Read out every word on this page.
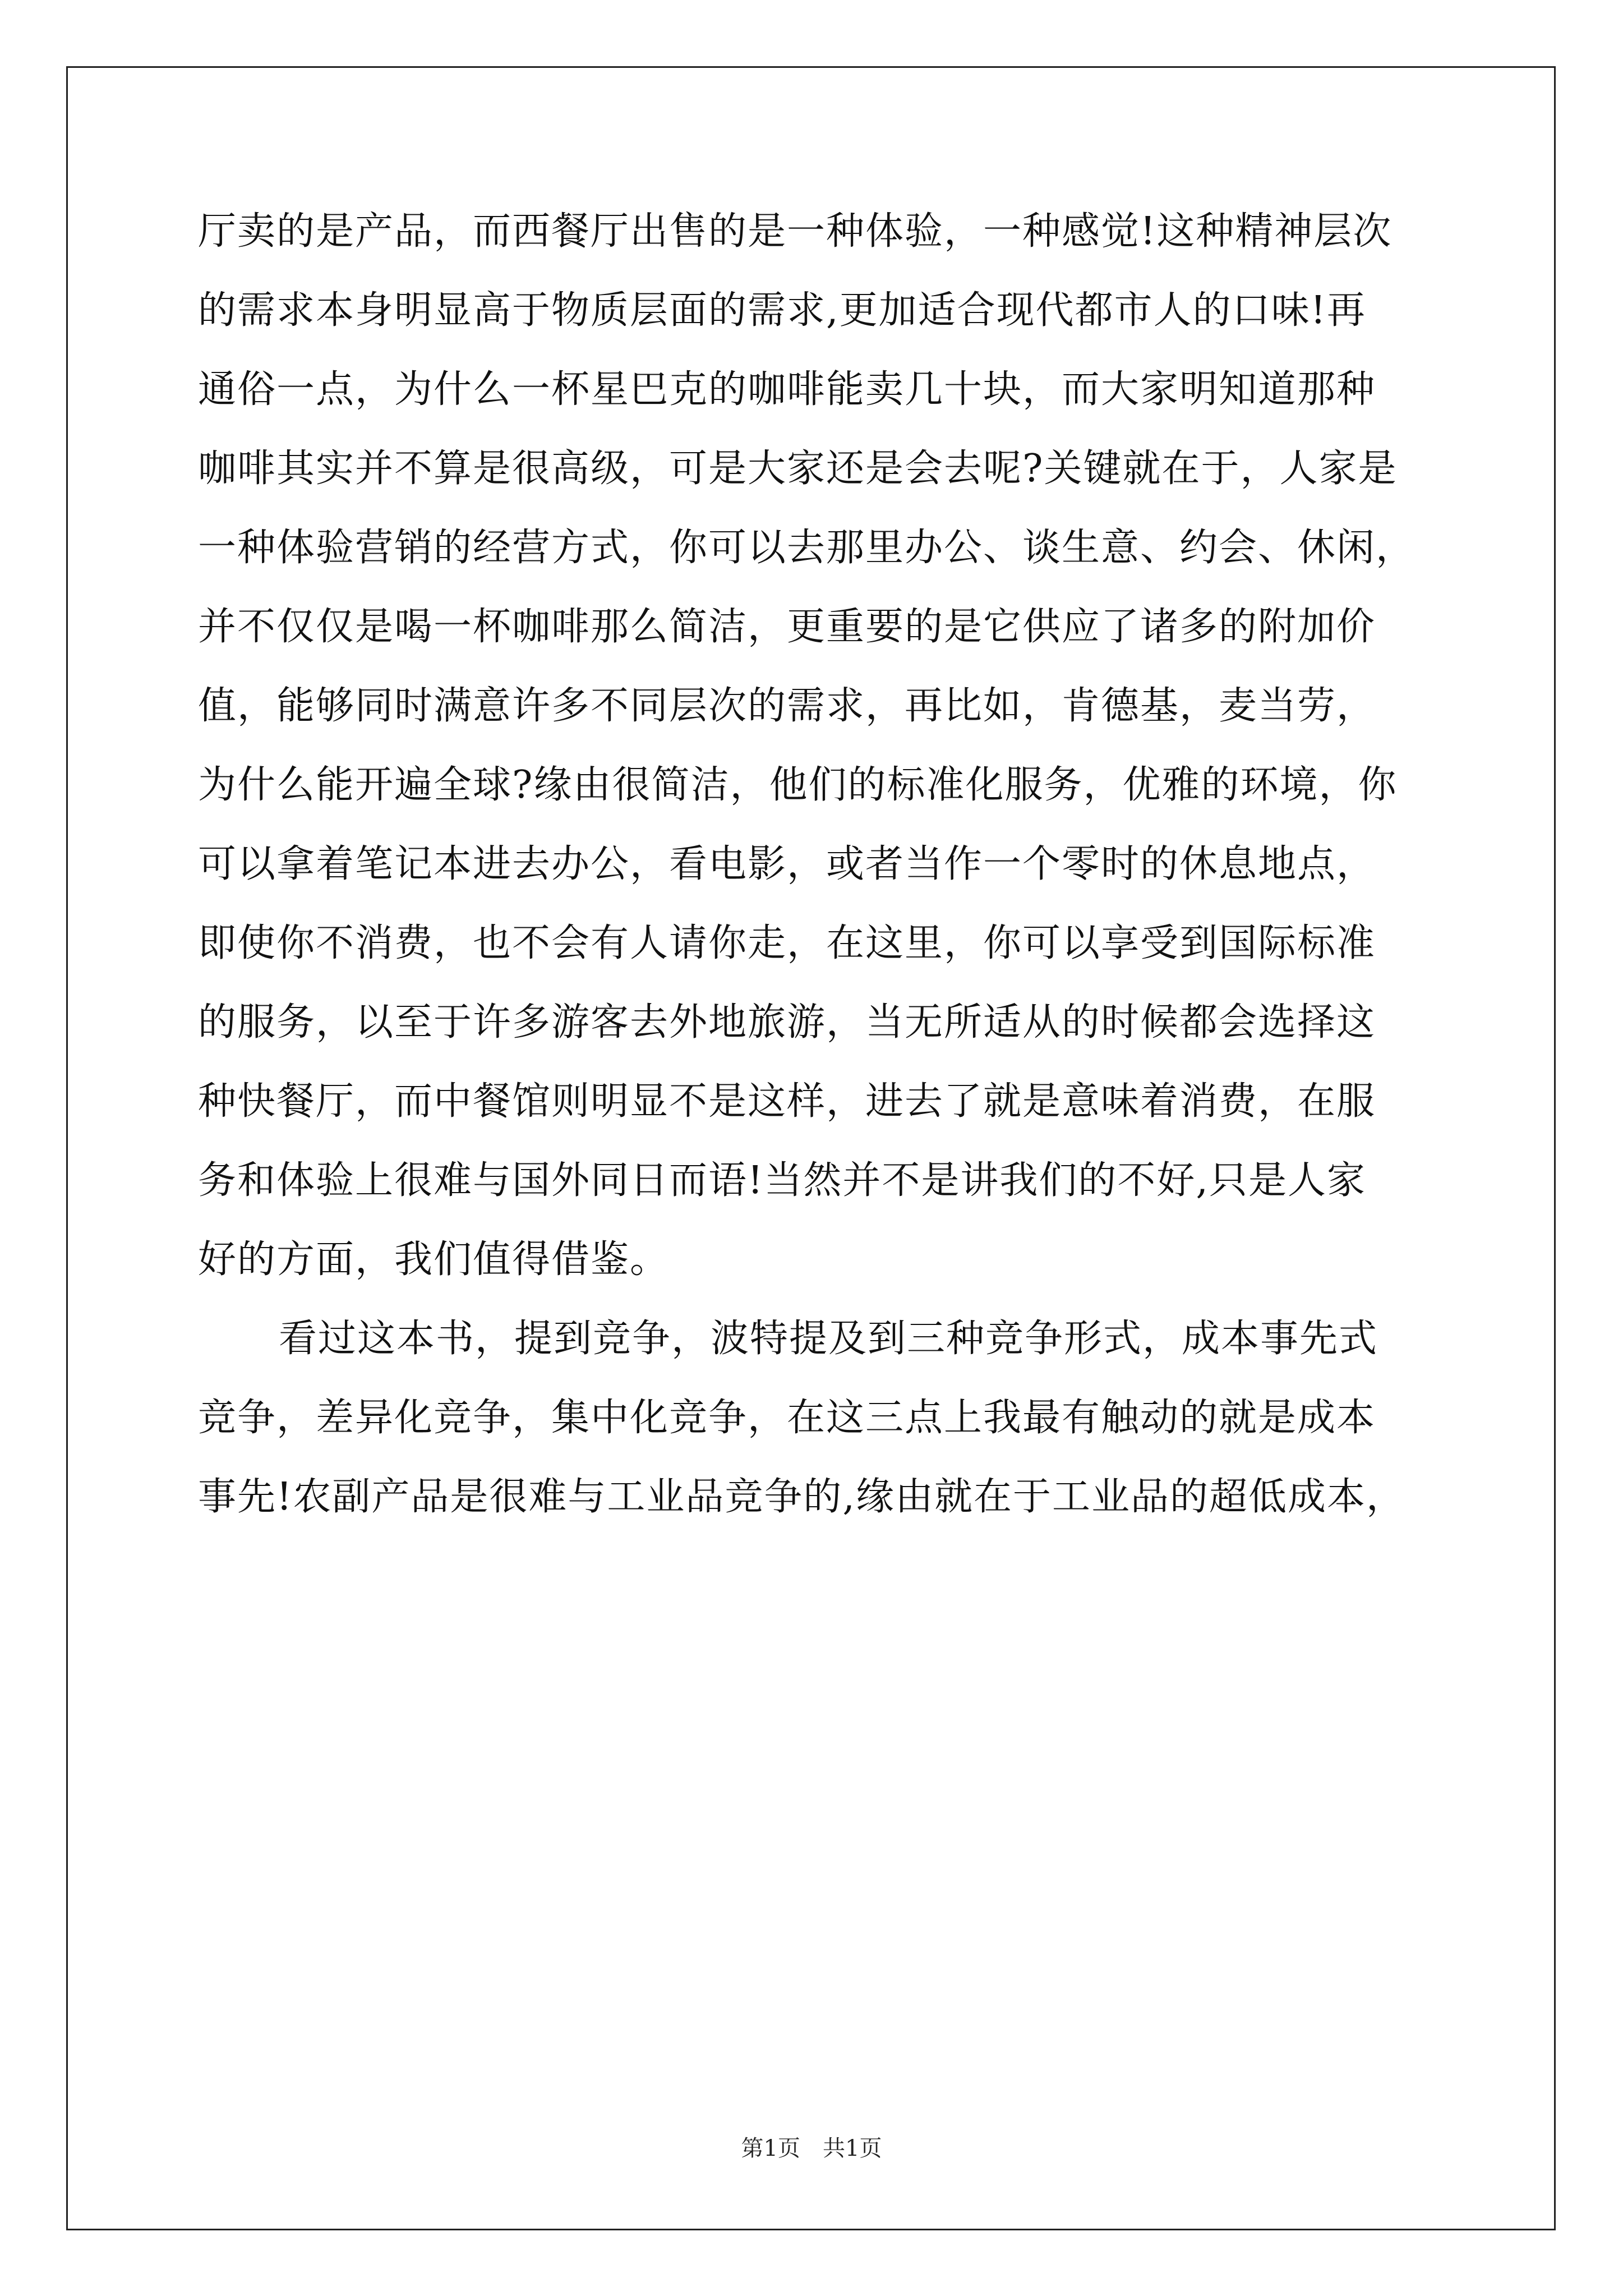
厅卖的是产品，而西餐厅出售的是一种体验，一种感觉!这种精神层次
的需求本身明显高于物质层面的需求,更加适合现代都市人的口味!再
通俗一点，为什么一杯星巴克的咖啡能卖几十块，而大家明知道那种
咖啡其实并不算是很高级，可是大家还是会去呢?关键就在于，人家是
一种体验营销的经营方式，你可以去那里办公、谈生意、约会、休闲，
并不仅仅是喝一杯咖啡那么简洁，更重要的是它供应了诸多的附加价
值，能够同时满意许多不同层次的需求，再比如，肯德基，麦当劳，
为什么能开遍全球?缘由很简洁，他们的标准化服务，优雅的环境，你
可以拿着笔记本进去办公，看电影，或者当作一个零时的休息地点，
即使你不消费，也不会有人请你走，在这里，你可以享受到国际标准
的服务，以至于许多游客去外地旅游，当无所适从的时候都会选择这
种快餐厅，而中餐馆则明显不是这样，进去了就是意味着消费，在服
务和体验上很难与国外同日而语!当然并不是讲我们的不好,只是人家
好的方面，我们值得借鉴。
看过这本书，提到竞争，波特提及到三种竞争形式，成本事先式
竞争，差异化竞争，集中化竞争，在这三点上我最有触动的就是成本
事先!农副产品是很难与工业品竞争的,缘由就在于工业品的超低成本，
第1页 共1页
